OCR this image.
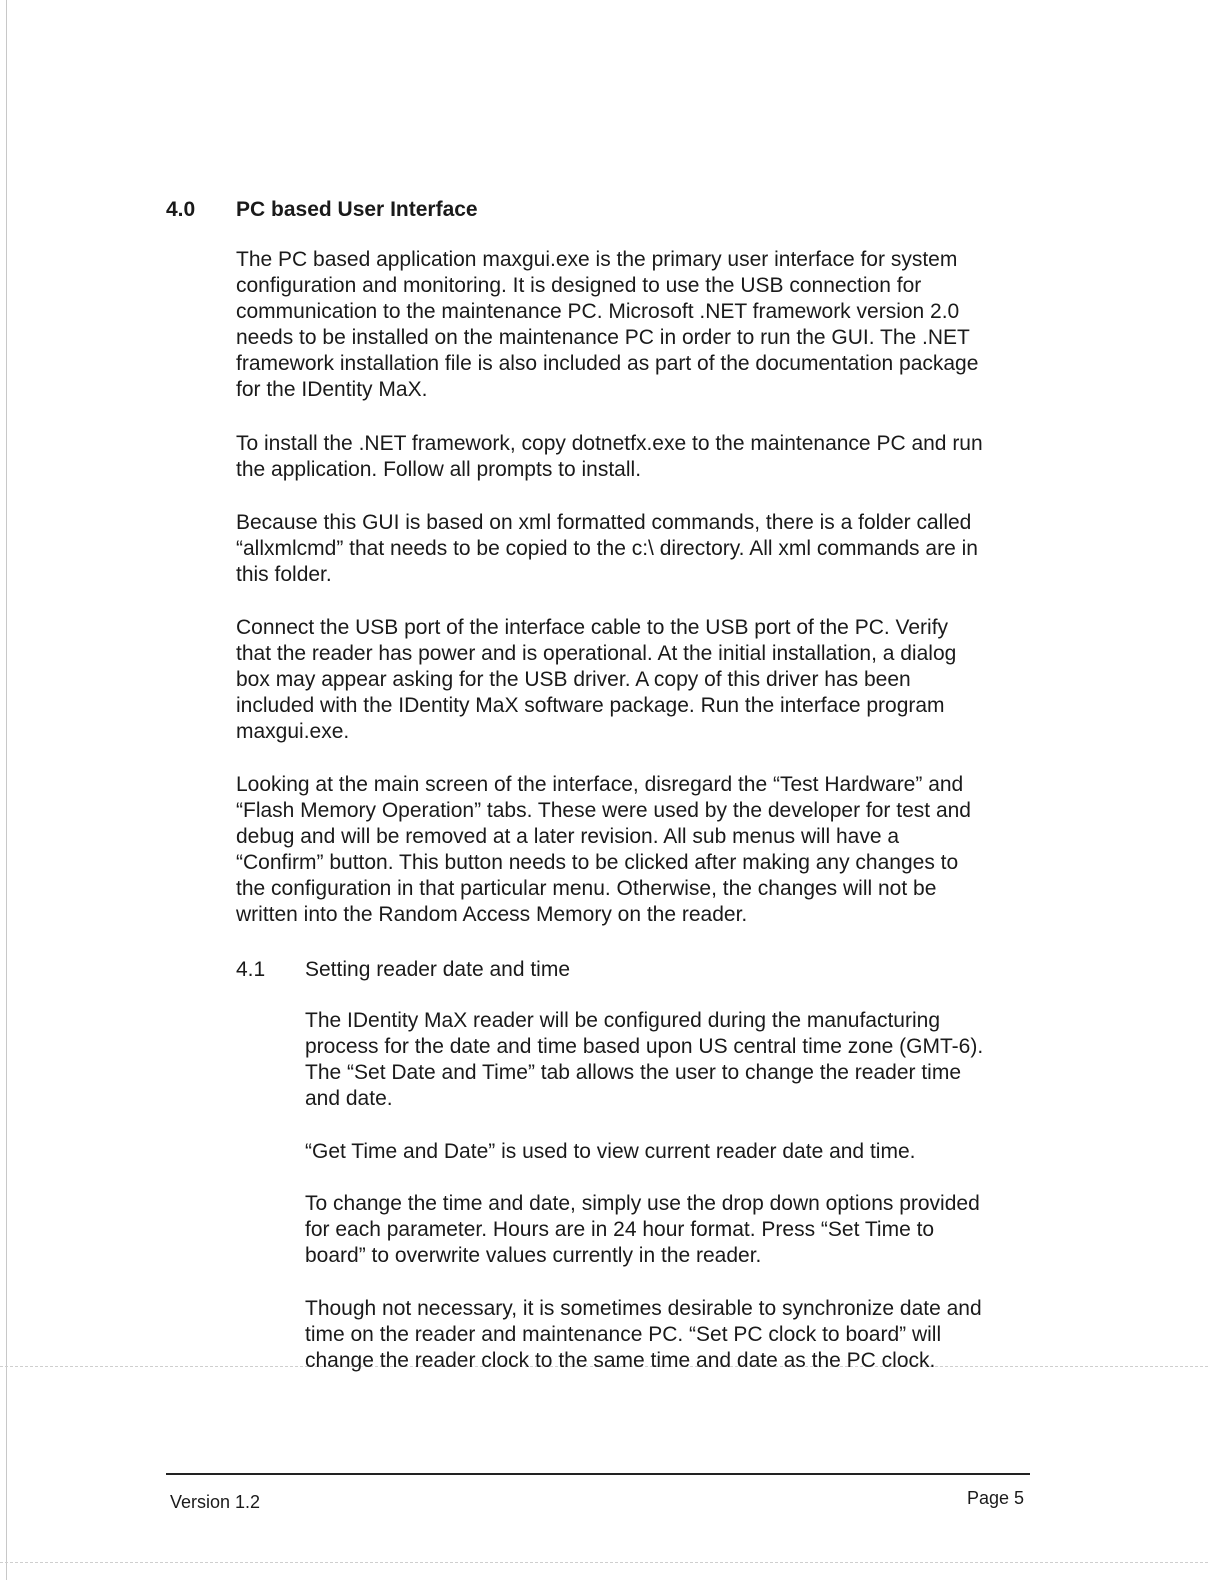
4.0 PC based User Interface

The PC based application maxgui.exe is the primary user interface for system
configuration and monitoring. It is designed to use the USB connection for
communication to the maintenance PC. Microsoft .NET framework version 2.0
needs to be installed on the maintenance PC in order to run the GUI. The .NET
framework installation file is also included as part of the documentation package
for the IDentity MaX.

To install the .NET framework, copy dotnetfx.exe to the maintenance PC and run
the application. Follow all prompts to install.

Because this GUI is based on xml formatted commands, there is a folder called
“allxmlcmd” that needs to be copied to the c:\ directory. All xml commands are in
this folder.

Connect the USB port of the interface cable to the USB port of the PC. Verify
that the reader has power and is operational. At the initial installation, a dialog
box may appear asking for the USB driver. A copy of this driver has been
included with the IDentity MaX software package. Run the interface program
maxgui.exe.

Looking at the main screen of the interface, disregard the “Test Hardware” and
“Flash Memory Operation” tabs. These were used by the developer for test and
debug and will be removed at a later revision. All sub menus will have a
“Confirm” button. This button needs to be clicked after making any changes to
the configuration in that particular menu. Otherwise, the changes will not be
written into the Random Access Memory on the reader.

4.1 Setting reader date and time

The IDentity MaX reader will be configured during the manufacturing
process for the date and time based upon US central time zone (GMT-6).
The “Set Date and Time” tab allows the user to change the reader time
and date.

“Get Time and Date” is used to view current reader date and time.

To change the time and date, simply use the drop down options provided
for each parameter. Hours are in 24 hour format. Press “Set Time to
board” to overwrite values currently in the reader.

Though not necessary, it is sometimes desirable to synchronize date and
time on the reader and maintenance PC. “Set PC clock to board” will
change the reader clock to the same time and date as the PC clock.

Version 1.2	Page 5
